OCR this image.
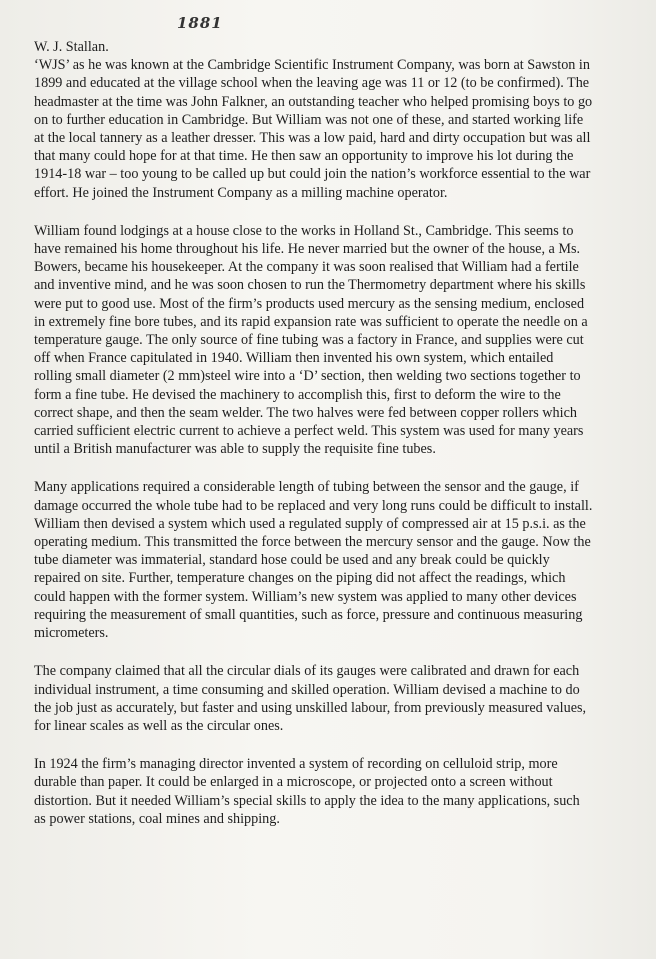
1881

W. J. Stallan.

‘WJS’ as he was known at the Cambridge Scientific Instrument Company, was born at Sawston in 1899 and educated at the village school when the leaving age was 11 or 12 (to be confirmed). The headmaster at the time was John Falkner, an outstanding teacher who helped promising boys to go on to further education in Cambridge. But William was not one of these, and started working life at the local tannery as a leather dresser. This was a low paid, hard and dirty occupation but was all that many could hope for at that time. He then saw an opportunity to improve his lot during the 1914-18 war – too young to be called up but could join the nation’s workforce essential to the war effort. He joined the Instrument Company as a milling machine operator.

William found lodgings at a house close to the works in Holland St., Cambridge. This seems to have remained his home throughout his life. He never married but the owner of the house, a Ms. Bowers, became his housekeeper. At the company it was soon realised that William had a fertile and inventive mind, and he was soon chosen to run the Thermometry department where his skills were put to good use. Most of the firm’s products used mercury as the sensing medium, enclosed in extremely fine bore tubes, and its rapid expansion rate was sufficient to operate the needle on a temperature gauge. The only source of fine tubing was a factory in France, and supplies were cut off when France capitulated in 1940. William then invented his own system, which entailed rolling small diameter (2 mm)steel wire into a ‘D’ section, then welding two sections together to form a fine tube. He devised the machinery to accomplish this, first to deform the wire to the correct shape, and then the seam welder. The two halves were fed between copper rollers which carried sufficient electric current to achieve a perfect weld. This system was used for many years until a British manufacturer was able to supply the requisite fine tubes.

Many applications required a considerable length of tubing between the sensor and the gauge, if damage occurred the whole tube had to be replaced and very long runs could be difficult to install. William then devised a system which used a regulated supply of compressed air at 15 p.s.i. as the operating medium. This transmitted the force between the mercury sensor and the gauge. Now the tube diameter was immaterial, standard hose could be used and any break could be quickly repaired on site. Further, temperature changes on the piping did not affect the readings, which could happen with the former system. William’s new system was applied to many other devices requiring the measurement of small quantities, such as force, pressure and continuous measuring micrometers.

The company claimed that all the circular dials of its gauges were calibrated and drawn for each individual instrument, a time consuming and skilled operation. William devised a machine to do the job just as accurately, but faster and using unskilled labour, from previously measured values, for linear scales as well as the circular ones.

In 1924 the firm’s managing director invented a system of recording on celluloid strip, more durable than paper. It could be enlarged in a microscope, or projected onto a screen without distortion. But it needed William’s special skills to apply the idea to the many applications, such as power stations, coal mines and shipping.
